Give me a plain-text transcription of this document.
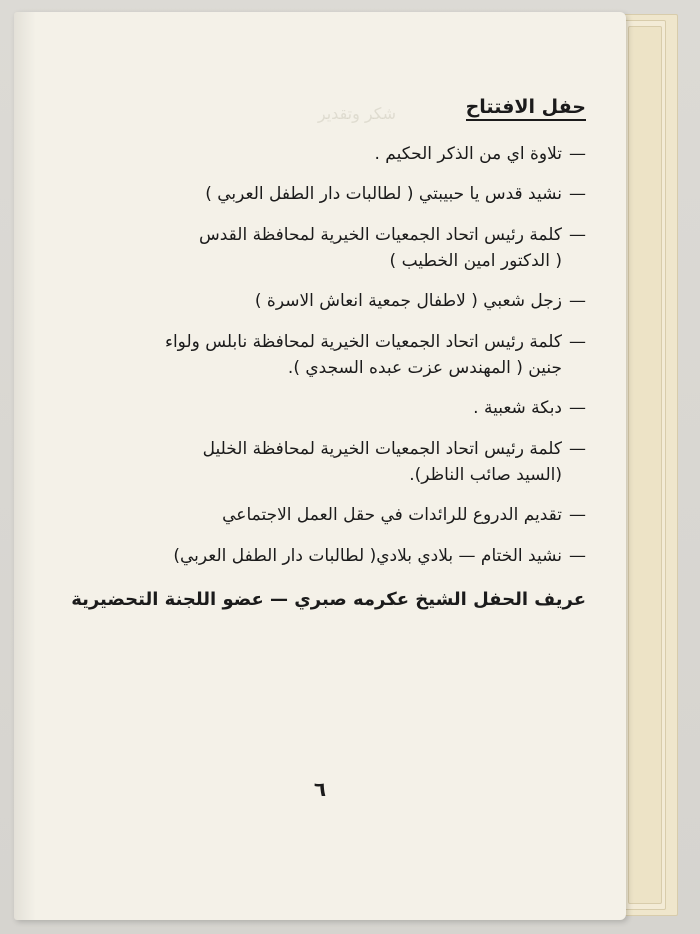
شكر وتقدير	حفل الافتتاح
—
تلاوة اي من الذكر الحكيم .
—
نشيد قدس يا حبيبتي ( لطالبات دار الطفل العربي )
—
كلمة رئيس اتحاد الجمعيات الخيرية لمحافظة القدس
( الدكتور امين الخطيب )
—
زجل شعبي ( لاطفال جمعية انعاش الاسرة )
—
كلمة رئيس اتحاد الجمعيات الخيرية لمحافظة نابلس ولواء
جنين ( المهندس عزت عبده السجدي ).
—
دبكة شعبية .
—
كلمة رئيس اتحاد الجمعيات الخيرية لمحافظة الخليل
(السيد صائب الناظر).
—
تقديم الدروع للرائدات في حقل العمل الاجتماعي
—
نشيد الختام — بلادي بلادي( لطالبات دار الطفل العربي)
عريف الحفل الشيخ عكرمه صبري — عضو اللجنة التحضيرية
٦
